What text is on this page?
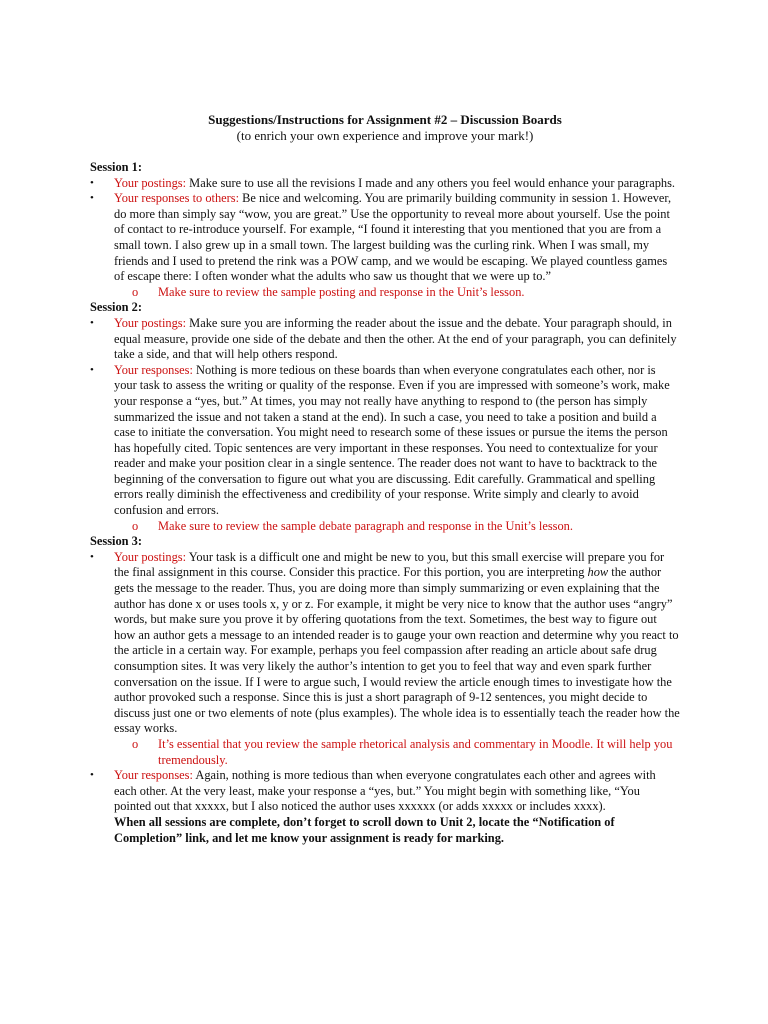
Suggestions/Instructions for Assignment #2 – Discussion Boards
(to enrich your own experience and improve your mark!)
Session 1:
• Your postings: Make sure to use all the revisions I made and any others you feel would enhance your paragraphs.
• Your responses to others: Be nice and welcoming. You are primarily building community in session 1. However, do more than simply say “wow, you are great.” Use the opportunity to reveal more about yourself. Use the point of contact to re-introduce yourself. For example, “I found it interesting that you mentioned that you are from a small town. I also grew up in a small town. The largest building was the curling rink. When I was small, my friends and I used to pretend the rink was a POW camp, and we would be escaping. We played countless games of escape there: I often wonder what the adults who saw us thought that we were up to.”
o Make sure to review the sample posting and response in the Unit’s lesson.
Session 2:
• Your postings: Make sure you are informing the reader about the issue and the debate. Your paragraph should, in equal measure, provide one side of the debate and then the other. At the end of your paragraph, you can definitely take a side, and that will help others respond.
• Your responses: Nothing is more tedious on these boards than when everyone congratulates each other, nor is your task to assess the writing or quality of the response. Even if you are impressed with someone’s work, make your response a “yes, but.” At times, you may not really have anything to respond to (the person has simply summarized the issue and not taken a stand at the end). In such a case, you need to take a position and build a case to initiate the conversation. You might need to research some of these issues or pursue the items the person has hopefully cited. Topic sentences are very important in these responses. You need to contextualize for your reader and make your position clear in a single sentence. The reader does not want to have to backtrack to the beginning of the conversation to figure out what you are discussing. Edit carefully. Grammatical and spelling errors really diminish the effectiveness and credibility of your response. Write simply and clearly to avoid confusion and errors.
o Make sure to review the sample debate paragraph and response in the Unit’s lesson.
Session 3:
• Your postings: Your task is a difficult one and might be new to you, but this small exercise will prepare you for the final assignment in this course. Consider this practice. For this portion, you are interpreting how the author gets the message to the reader. Thus, you are doing more than simply summarizing or even explaining that the author has done x or uses tools x, y or z. For example, it might be very nice to know that the author uses “angry” words, but make sure you prove it by offering quotations from the text. Sometimes, the best way to figure out how an author gets a message to an intended reader is to gauge your own reaction and determine why you react to the article in a certain way. For example, perhaps you feel compassion after reading an article about safe drug consumption sites. It was very likely the author’s intention to get you to feel that way and even spark further conversation on the issue. If I were to argue such, I would review the article enough times to investigate how the author provoked such a response. Since this is just a short paragraph of 9-12 sentences, you might decide to discuss just one or two elements of note (plus examples). The whole idea is to essentially teach the reader how the essay works.
o It’s essential that you review the sample rhetorical analysis and commentary in Moodle. It will help you tremendously.
• Your responses: Again, nothing is more tedious than when everyone congratulates each other and agrees with each other. At the very least, make your response a “yes, but.” You might begin with something like, “You pointed out that xxxxx, but I also noticed the author uses xxxxxx (or adds xxxxx or includes xxxx).
When all sessions are complete, don’t forget to scroll down to Unit 2, locate the “Notification of Completion” link, and let me know your assignment is ready for marking.
